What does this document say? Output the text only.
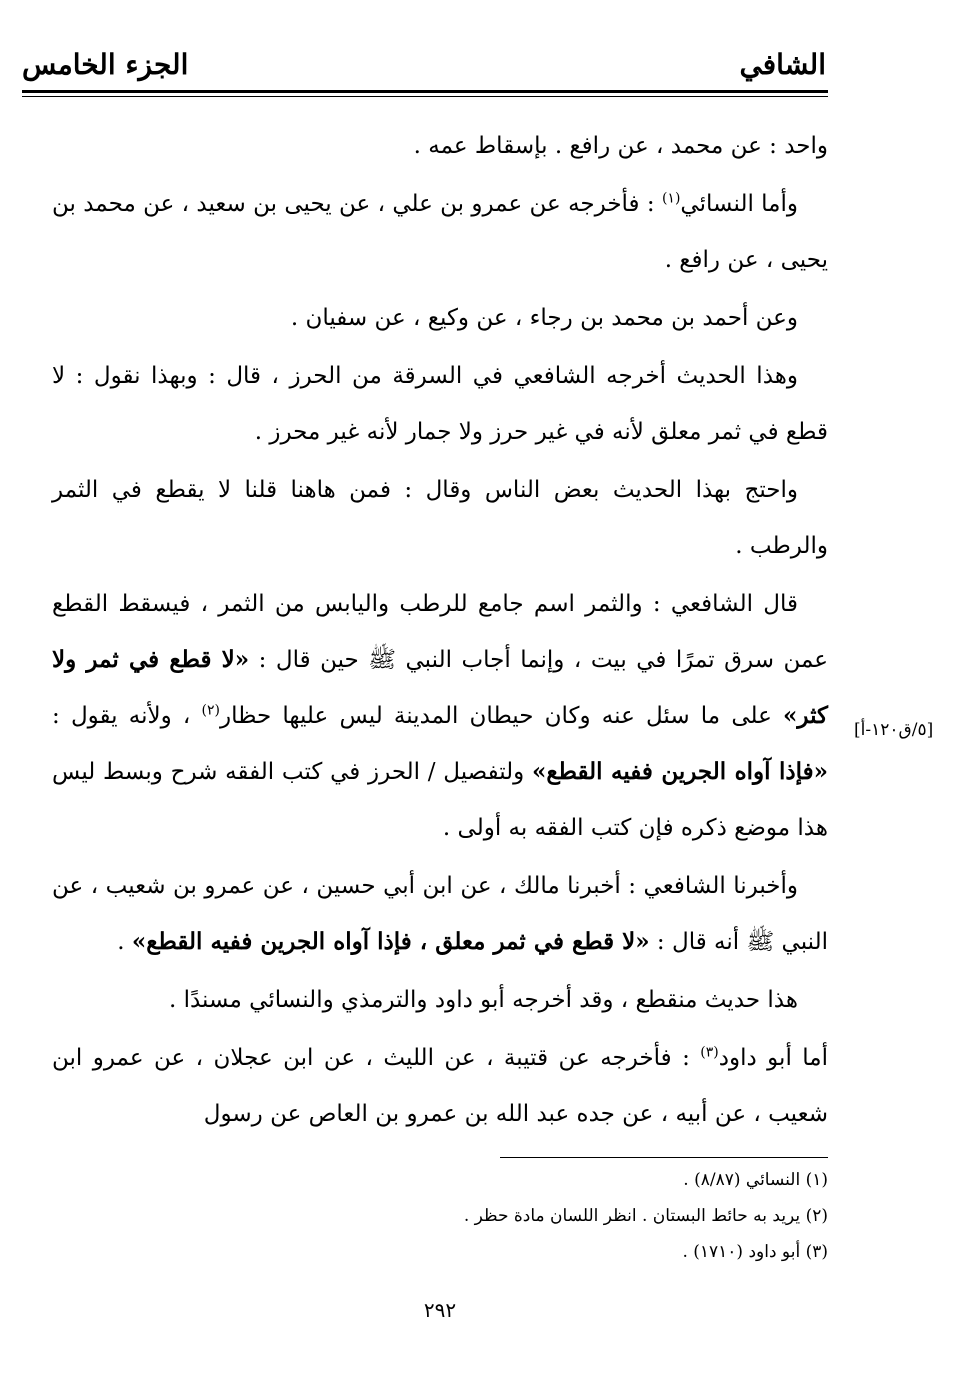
الشافي
الجزء الخامس

واحد : عن محمد ، عن رافع . بإسقاط عمه .

وأما النسائي$^{(١)}$ : فأخرجه عن عمرو بن علي ، عن يحيى بن سعيد ، عن محمد بن يحيى ، عن رافع .

وعن أحمد بن محمد بن رجاء ، عن وكيع ، عن سفيان .

وهذا الحديث أخرجه الشافعي في السرقة من الحرز ، قال : وبهذا نقول : لا قطع في ثمر معلق لأنه في غير حرز ولا جمار لأنه غير محرز .

واحتج بهذا الحديث بعض الناس وقال : فمن هاهنا قلنا لا يقطع في الثمر والرطب .

قال الشافعي : والثمر اسم جامع للرطب واليابس من الثمر ، فيسقط القطع عمن سرق تمرًا في بيت ، وإنما أجاب النبي ﷺ حين قال : «لا قطع في ثمر ولا كثر» على ما سئل عنه وكان حيطان المدينة ليس عليها حظار$^{(٢)}$ ، ولأنه يقول : «فإذا آواه الجرين ففيه القطع» ولتفصيل / الحرز في كتب الفقه شرح وبسط ليس هذا موضع ذكره فإن كتب الفقه به أولى .

وأخبرنا الشافعي : أخبرنا مالك ، عن ابن أبي حسين ، عن عمرو بن شعيب ، عن النبي ﷺ أنه قال : «لا قطع في ثمر معلق ، فإذا آواه الجرين ففيه القطع» .

هذا حديث منقطع ، وقد أخرجه أبو داود والترمذي والنسائي مسندًا .

أما أبو داود$^{(٣)}$ : فأخرجه عن قتيبة ، عن الليث ، عن ابن عجلان ، عن عمرو ابن شعيب ، عن أبيه ، عن جده عبد الله بن عمرو بن العاص عن رسول

[٥/ق١٢٠-أ]
(١) النسائي (٨/٨٧) .
(٢) يريد به حائط البستان . انظر اللسان مادة حظر .
(٣) أبو داود (١٧١٠) .
٢٩٢
